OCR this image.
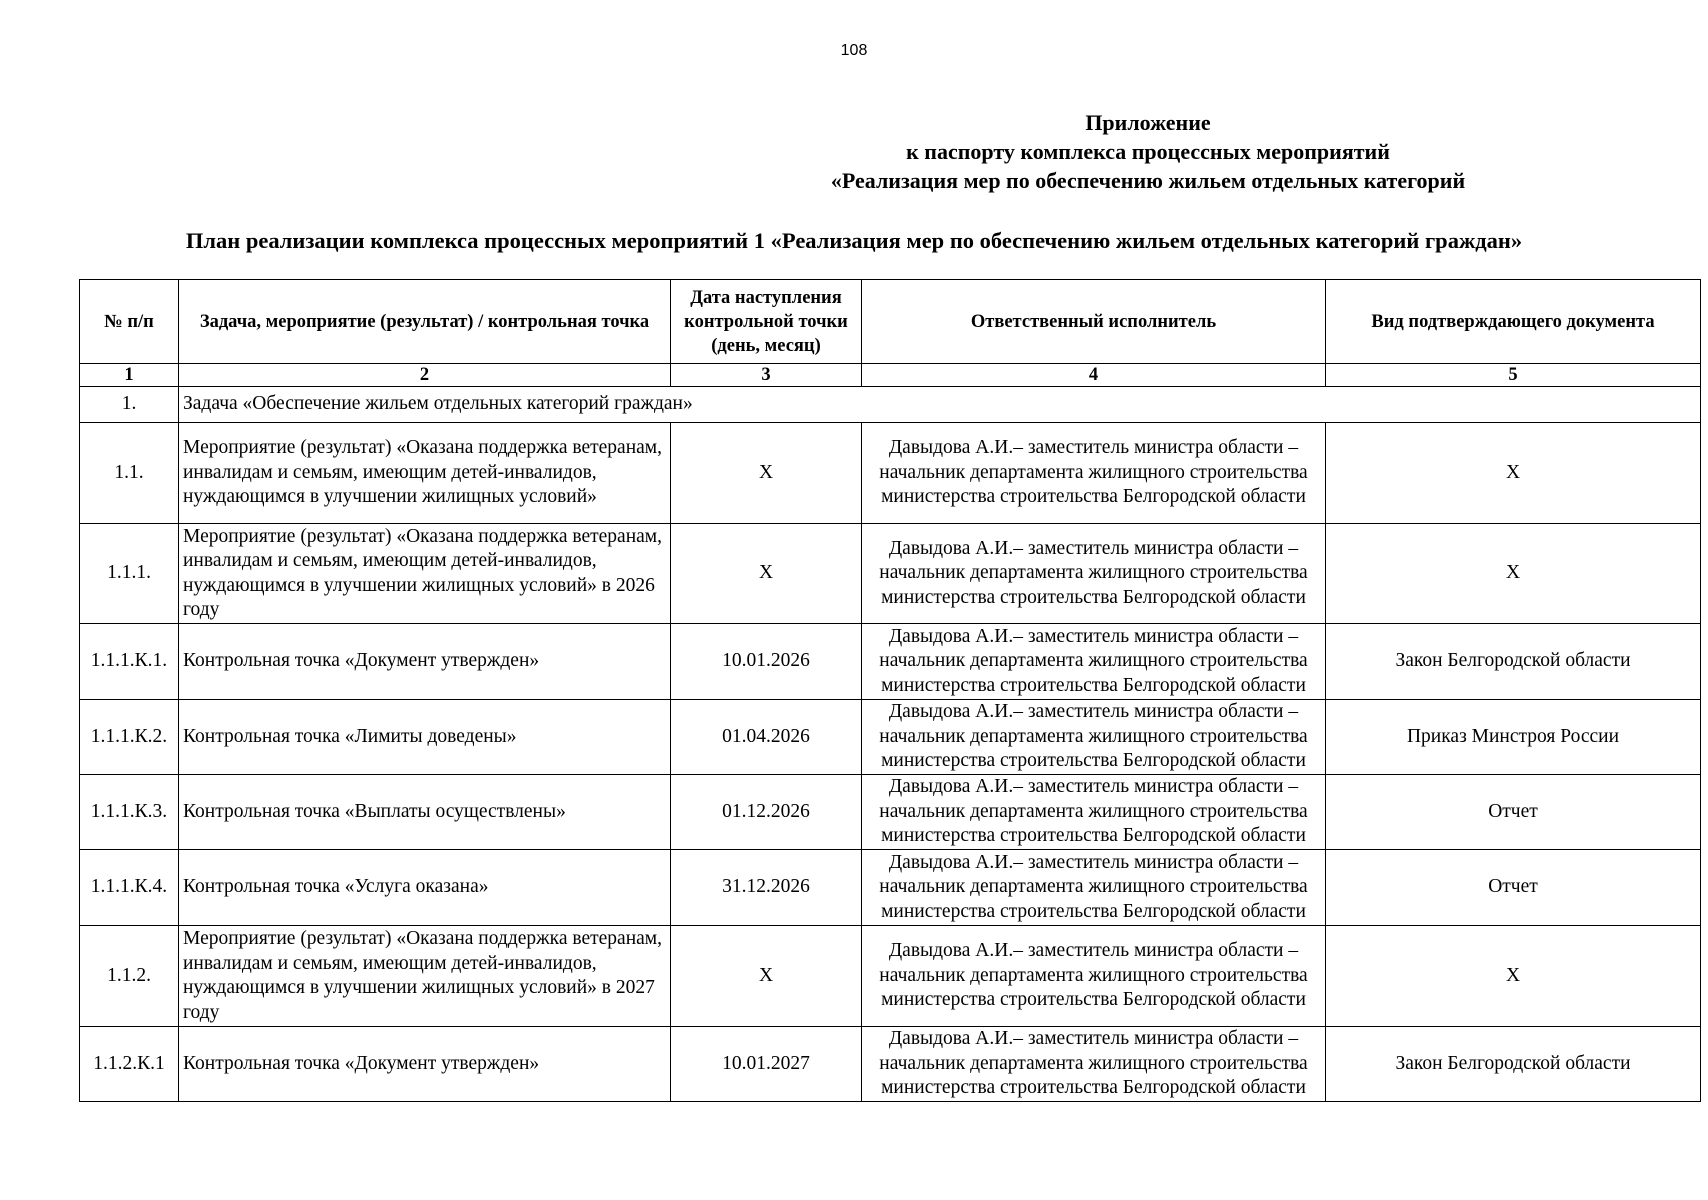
108
Приложение
к паспорту комплекса процессных мероприятий
«Реализация мер по обеспечению жильем отдельных категорий
План реализации комплекса процессных мероприятий 1 «Реализация мер по обеспечению жильем отдельных категорий граждан»
№ п/п	Задача, мероприятие (результат) / контрольная точка	Дата наступления контрольной точки (день, месяц)	Ответственный исполнитель	Вид подтверждающего документа
1	2	3	4	5
1.	Задача «Обеспечение жильем отдельных категорий граждан»			
1.1.	Мероприятие (результат) «Оказана поддержка ветеранам, инвалидам и семьям, имеющим детей-инвалидов, нуждающимся в улучшении жилищных условий»	X	Давыдова А.И.– заместитель министра области – начальник департамента жилищного строительства министерства строительства Белгородской области	X
1.1.1.	Мероприятие (результат) «Оказана поддержка ветеранам, инвалидам и семьям, имеющим детей-инвалидов, нуждающимся в улучшении жилищных условий» в 2026 году	X	Давыдова А.И.– заместитель министра области – начальник департамента жилищного строительства министерства строительства Белгородской области	X
1.1.1.К.1.	Контрольная точка «Документ утвержден»	10.01.2026	Давыдова А.И.– заместитель министра области – начальник департамента жилищного строительства министерства строительства Белгородской области	Закон Белгородской области
1.1.1.К.2.	Контрольная точка «Лимиты доведены»	01.04.2026	Давыдова А.И.– заместитель министра области – начальник департамента жилищного строительства министерства строительства Белгородской области	Приказ Минстроя России
1.1.1.К.3.	Контрольная точка «Выплаты осуществлены»	01.12.2026	Давыдова А.И.– заместитель министра области – начальник департамента жилищного строительства министерства строительства Белгородской области	Отчет
1.1.1.К.4.	Контрольная точка «Услуга оказана»	31.12.2026	Давыдова А.И.– заместитель министра области – начальник департамента жилищного строительства министерства строительства Белгородской области	Отчет
1.1.2.	Мероприятие (результат) «Оказана поддержка ветеранам, инвалидам и семьям, имеющим детей-инвалидов, нуждающимся в улучшении жилищных условий» в 2027 году	X	Давыдова А.И.– заместитель министра области – начальник департамента жилищного строительства министерства строительства Белгородской области	X
1.1.2.К.1	Контрольная точка «Документ утвержден»	10.01.2027	Давыдова А.И.– заместитель министра области – начальник департамента жилищного строительства министерства строительства Белгородской области	Закон Белгородской области
